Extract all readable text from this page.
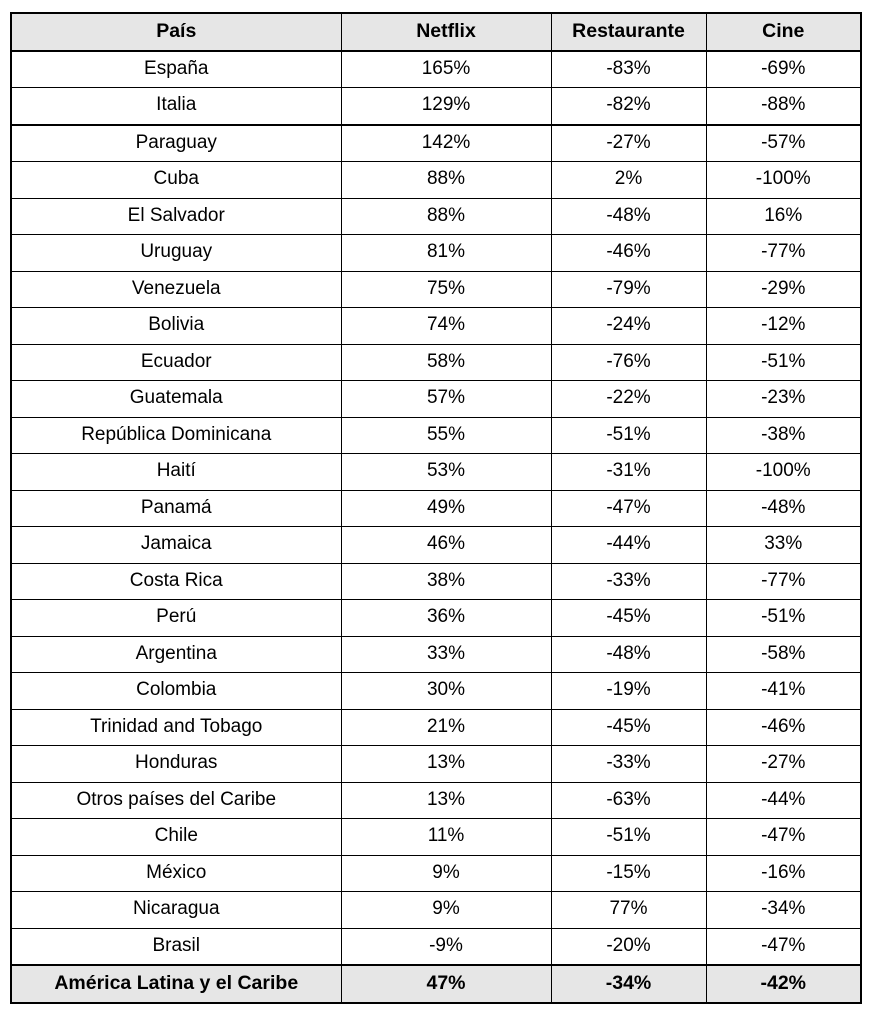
País	Netflix	Restaurante	Cine
España	165%	-83%	-69%
Italia	129%	-82%	-88%
Paraguay	142%	-27%	-57%
Cuba	88%	2%	-100%
El Salvador	88%	-48%	16%
Uruguay	81%	-46%	-77%
Venezuela	75%	-79%	-29%
Bolivia	74%	-24%	-12%
Ecuador	58%	-76%	-51%
Guatemala	57%	-22%	-23%
República Dominicana	55%	-51%	-38%
Haití	53%	-31%	-100%
Panamá	49%	-47%	-48%
Jamaica	46%	-44%	33%
Costa Rica	38%	-33%	-77%
Perú	36%	-45%	-51%
Argentina	33%	-48%	-58%
Colombia	30%	-19%	-41%
Trinidad and Tobago	21%	-45%	-46%
Honduras	13%	-33%	-27%
Otros países del Caribe	13%	-63%	-44%
Chile	11%	-51%	-47%
México	9%	-15%	-16%
Nicaragua	9%	77%	-34%
Brasil	-9%	-20%	-47%
América Latina y el Caribe	47%	-34%	-42%
